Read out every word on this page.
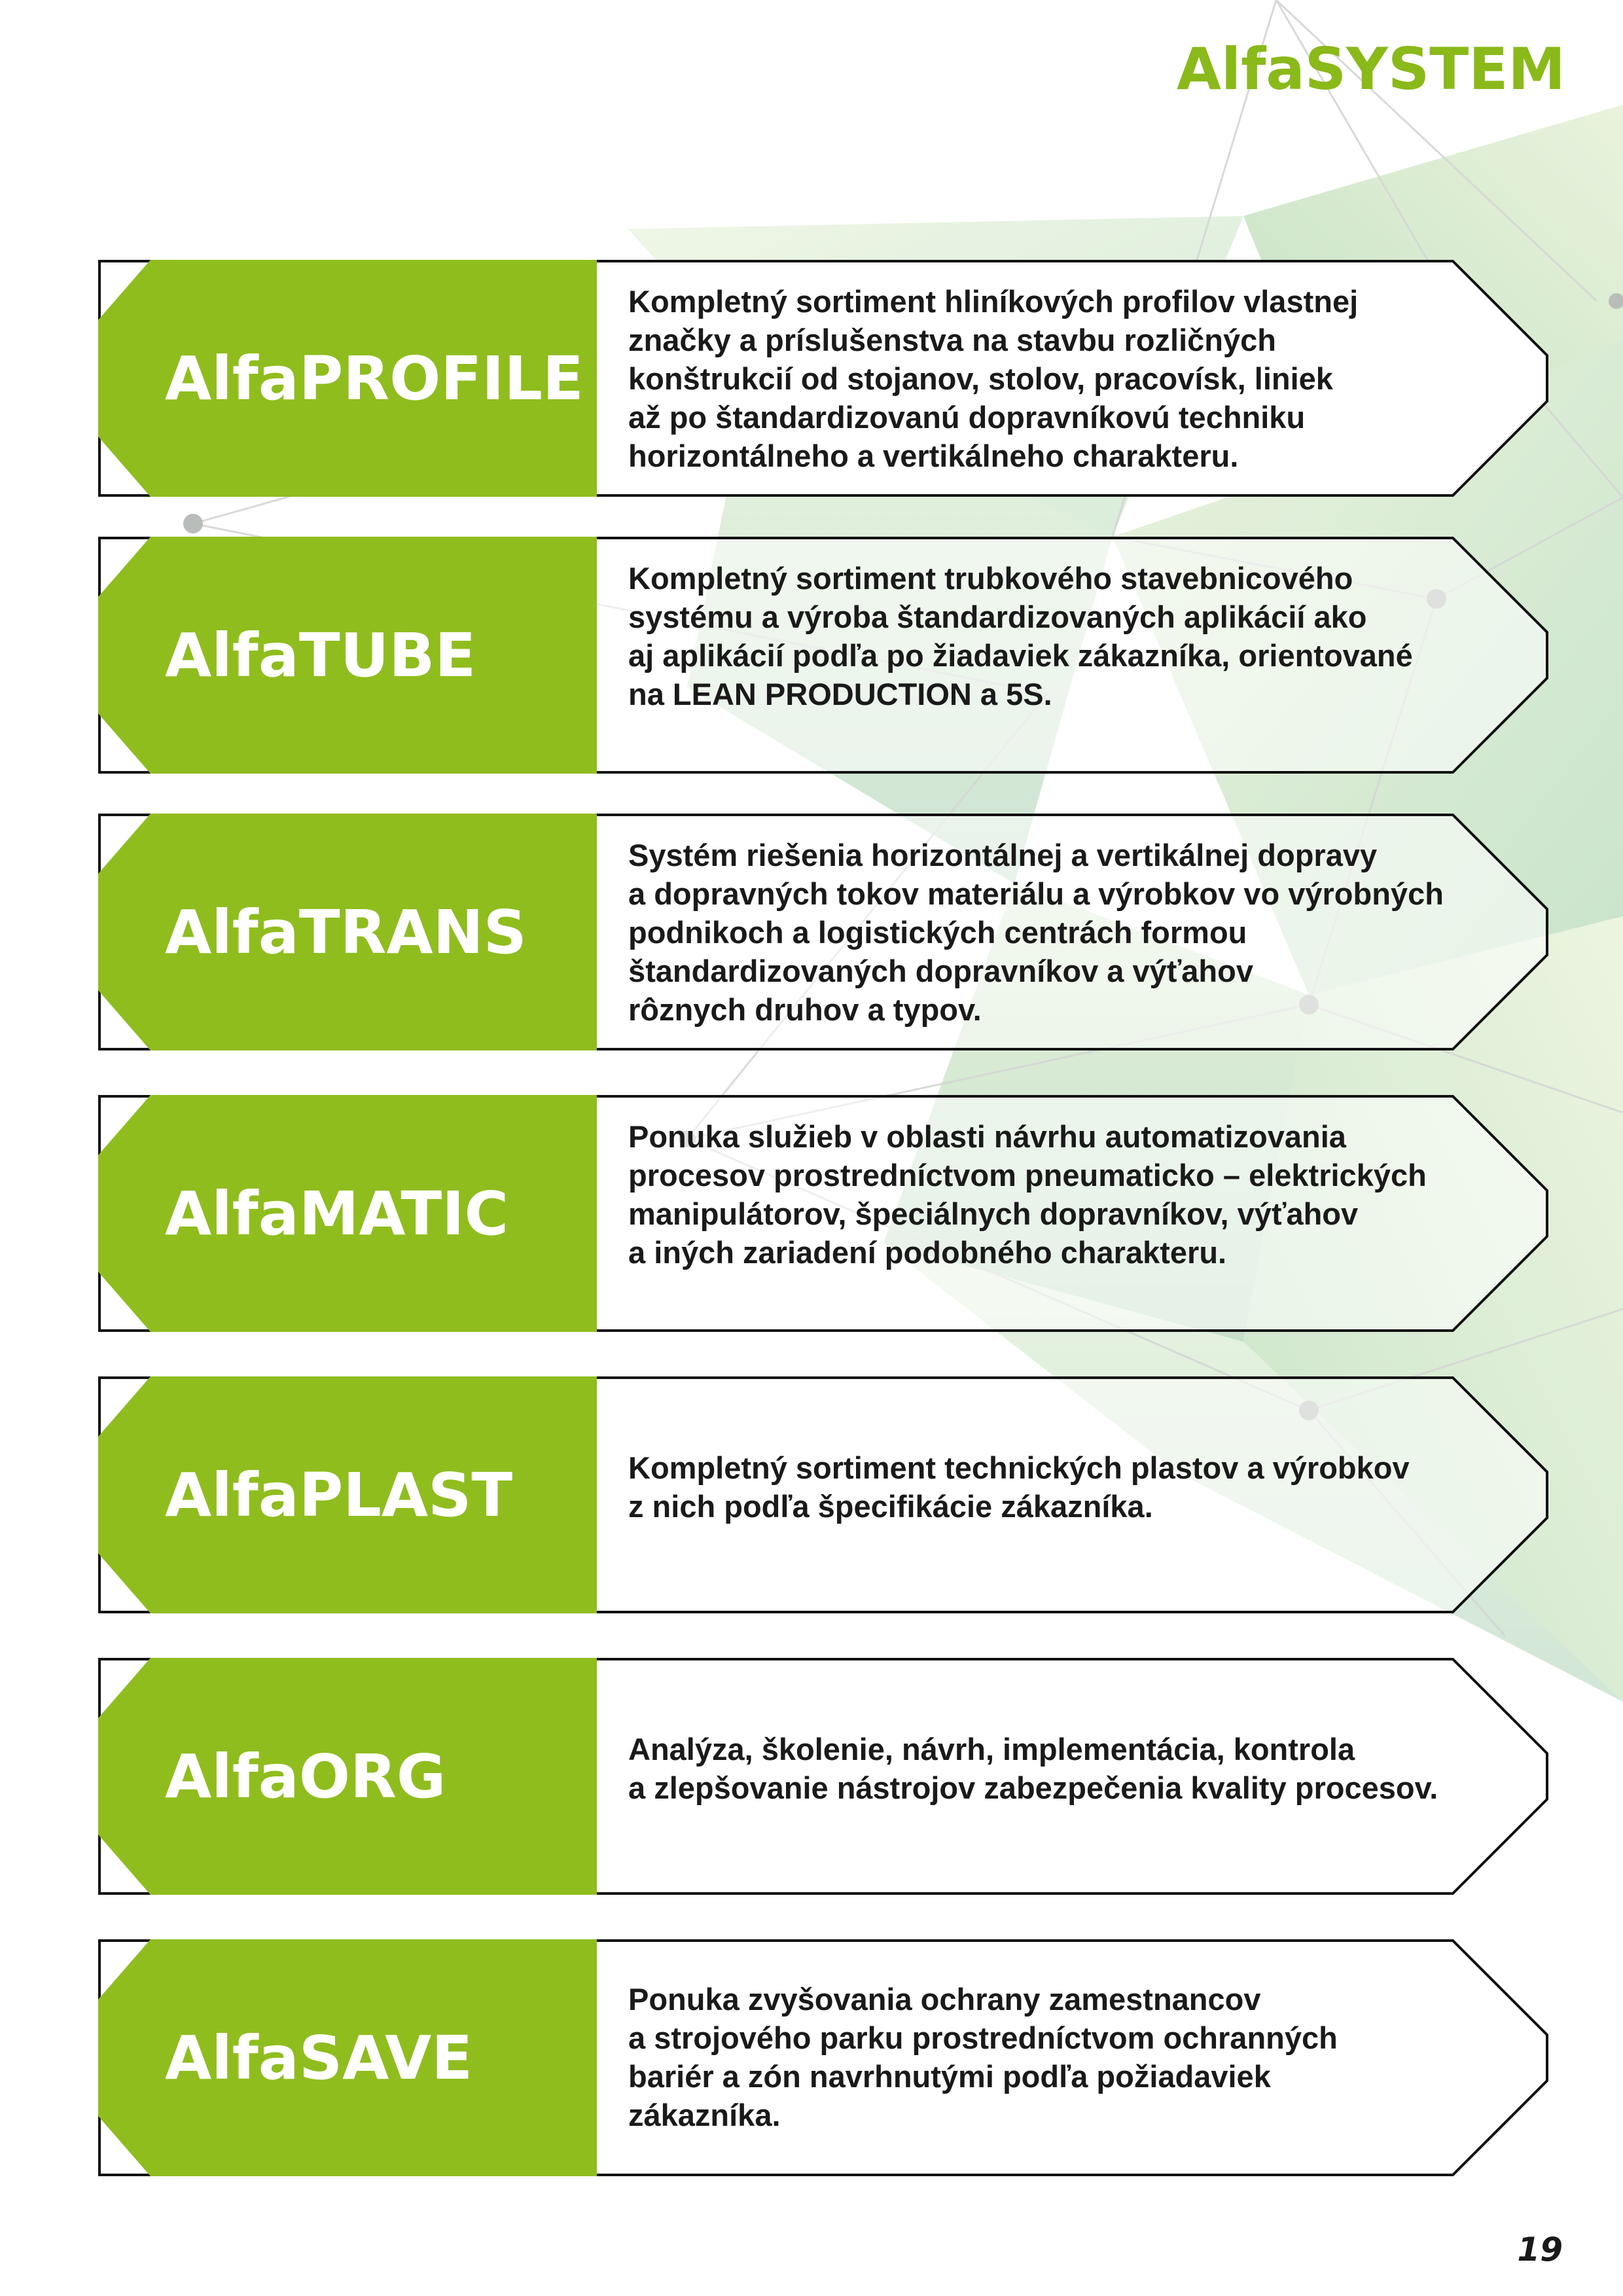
AlfaSYSTEM
AlfaPROFILE
Kompletný sortiment hliníkových profilov vlastnej
značky a príslušenstva na stavbu rozličných
konštrukcií od stojanov, stolov, pracovísk, liniek
až po štandardizovanú dopravníkovú techniku
horizontálneho a vertikálneho charakteru.
AlfaTUBE
Kompletný sortiment trubkového stavebnicového
systému a výroba štandardizovaných aplikácií ako
aj aplikácií podľa po žiadaviek zákazníka, orientované
na LEAN PRODUCTION a 5S.
AlfaTRANS
Systém riešenia horizontálnej a vertikálnej dopravy
a dopravných tokov materiálu a výrobkov vo výrobných
podnikoch a logistických centrách formou
štandardizovaných dopravníkov a výťahov
rôznych druhov a typov.
AlfaMATIC
Ponuka služieb v oblasti návrhu automatizovania
procesov prostredníctvom pneumaticko – elektrických
manipulátorov, špeciálnych dopravníkov, výťahov
a iných zariadení podobného charakteru.
AlfaPLAST	Kompletný sortiment technických plastov a výrobkov
z nich podľa špecifikácie zákazníka.
AlfaORG	Analýza, školenie, návrh, implementácia, kontrola
a zlepšovanie nástrojov zabezpečenia kvality procesov.
AlfaSAVE
Ponuka zvyšovania ochrany zamestnancov
a strojového parku prostredníctvom ochranných
bariér a zón navrhnutými podľa požiadaviek
zákazníka.
19
